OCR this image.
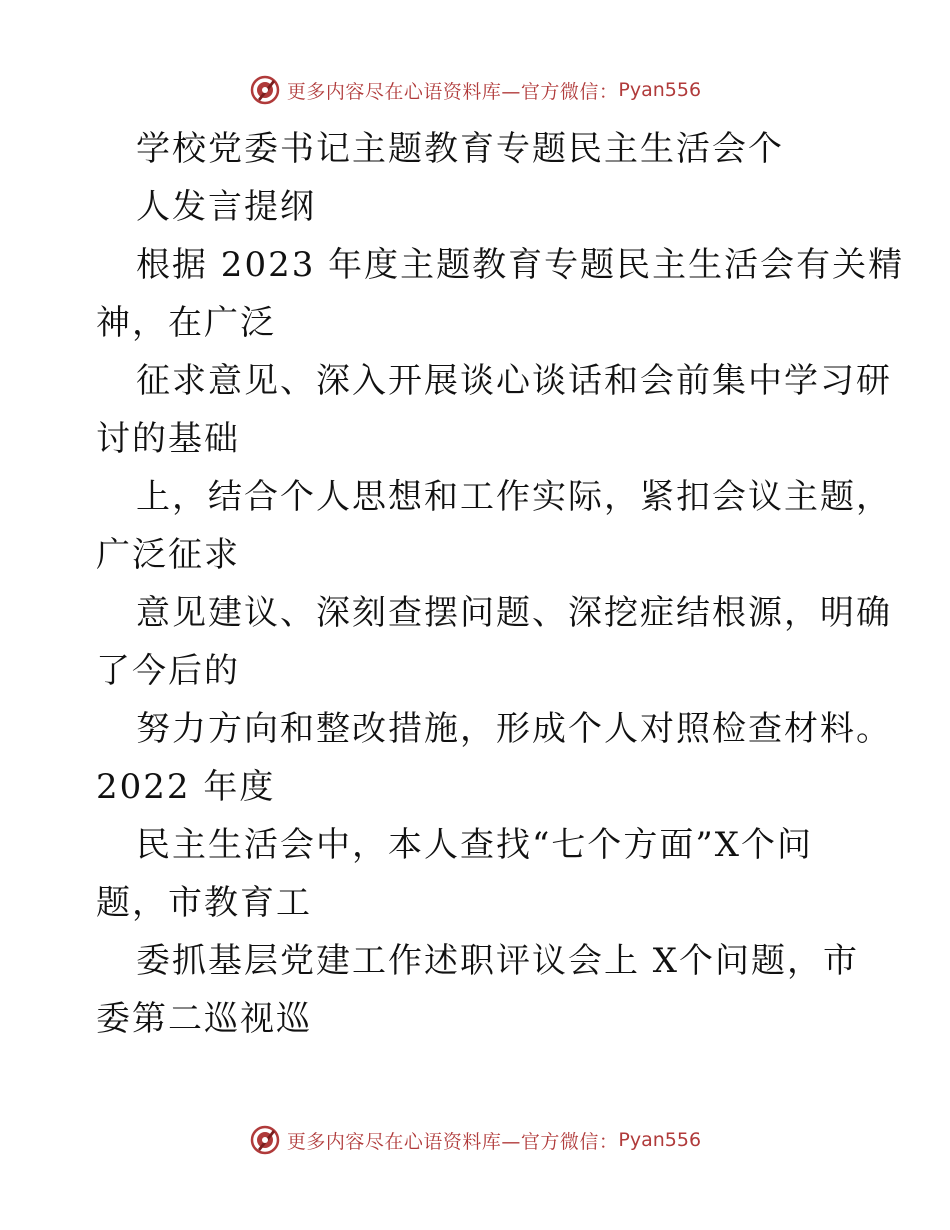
更多内容尽在心语资料库—官方微信： Pyan556
学校党委书记主题教育专题民主生活会个
人发言提纲
根据 2023 年度主题教育专题民主生活会有关精
神，在广泛
征求意见、深入开展谈心谈话和会前集中学习研
讨的基础
上，结合个人思想和工作实际，紧扣会议主题，
广泛征求
意见建议、深刻查摆问题、深挖症结根源，明确
了今后的
努力方向和整改措施，形成个人对照检查材料。
2022 年度
民主生活会中，本人查找“七个方面”X个问
题，市教育工
委抓基层党建工作述职评议会上 X个问题，市
委第二巡视巡
更多内容尽在心语资料库—官方微信： Pyan556
